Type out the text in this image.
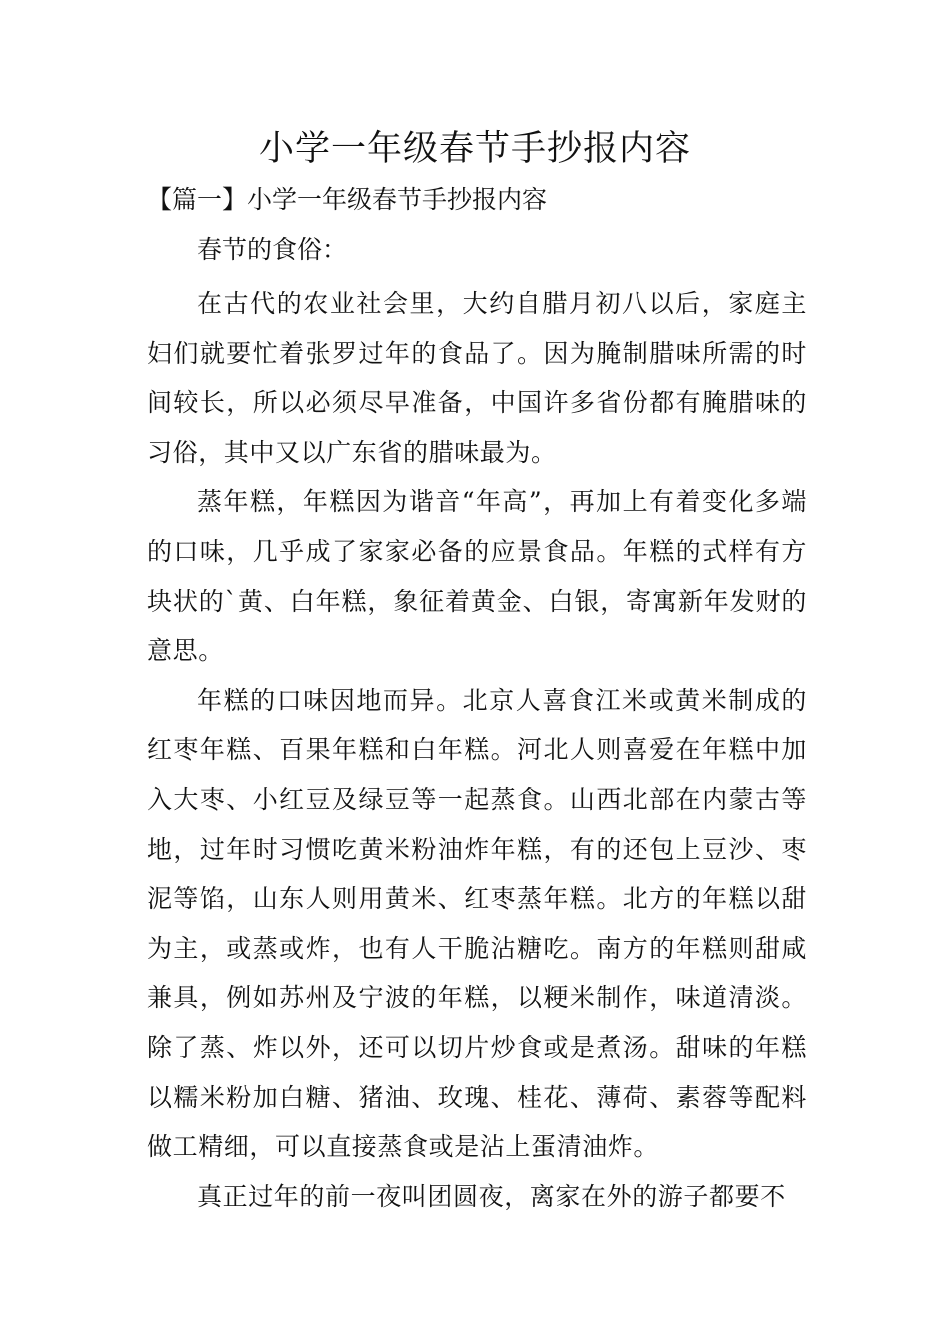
小学一年级春节手抄报内容

【篇一】小学一年级春节手抄报内容

春节的食俗：

在古代的农业社会里，大约自腊月初八以后，家庭主妇们就要忙着张罗过年的食品了。因为腌制腊味所需的时间较长，所以必须尽早准备，中国许多省份都有腌腊味的习俗，其中又以广东省的腊味最为。

蒸年糕，年糕因为谐音“年高”，再加上有着变化多端的口味，几乎成了家家必备的应景食品。年糕的式样有方块状的`黄、白年糕，象征着黄金、白银，寄寓新年发财的意思。

年糕的口味因地而异。北京人喜食江米或黄米制成的红枣年糕、百果年糕和白年糕。河北人则喜爱在年糕中加入大枣、小红豆及绿豆等一起蒸食。山西北部在内蒙古等地，过年时习惯吃黄米粉油炸年糕，有的还包上豆沙、枣泥等馅，山东人则用黄米、红枣蒸年糕。北方的年糕以甜为主，或蒸或炸，也有人干脆沾糖吃。南方的年糕则甜咸兼具，例如苏州及宁波的年糕，以粳米制作，味道清淡。除了蒸、炸以外，还可以切片炒食或是煮汤。甜味的年糕以糯米粉加白糖、猪油、玫瑰、桂花、薄荷、素蓉等配料做工精细，可以直接蒸食或是沾上蛋清油炸。

真正过年的前一夜叫团圆夜，离家在外的游子都要不
